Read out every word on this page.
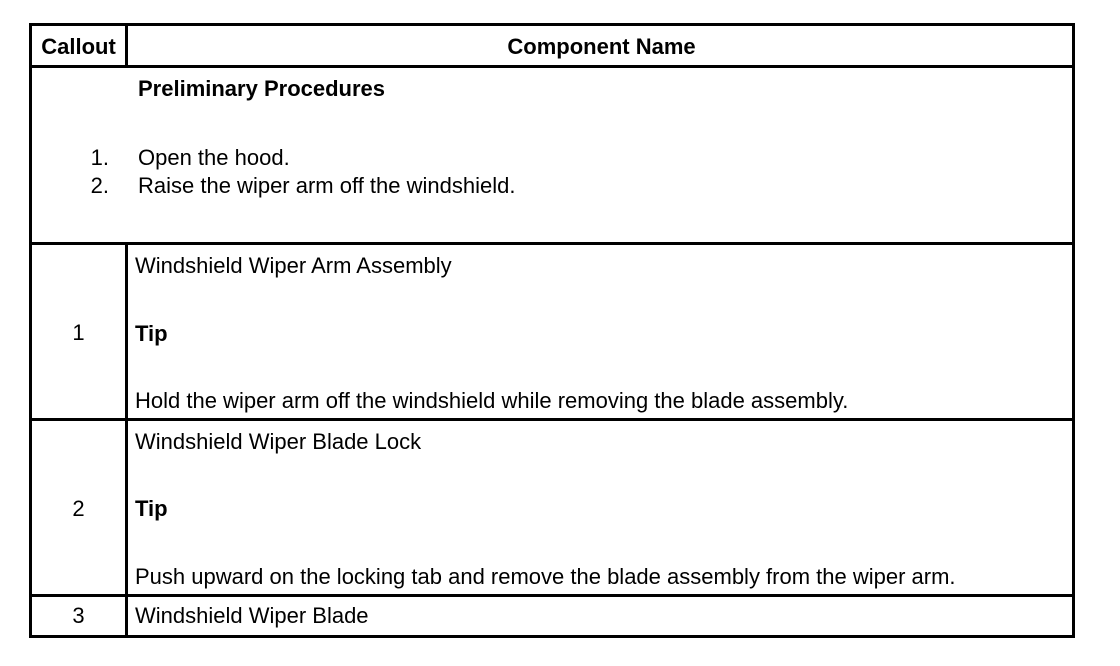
Callout	Component Name
Preliminary Procedures
1. Open the hood.
2. Raise the wiper arm off the windshield.
1
Windshield Wiper Arm Assembly
Tip
Hold the wiper arm off the windshield while removing the blade assembly.
2
Windshield Wiper Blade Lock
Tip
Push upward on the locking tab and remove the blade assembly from the wiper arm.
3	Windshield Wiper Blade
